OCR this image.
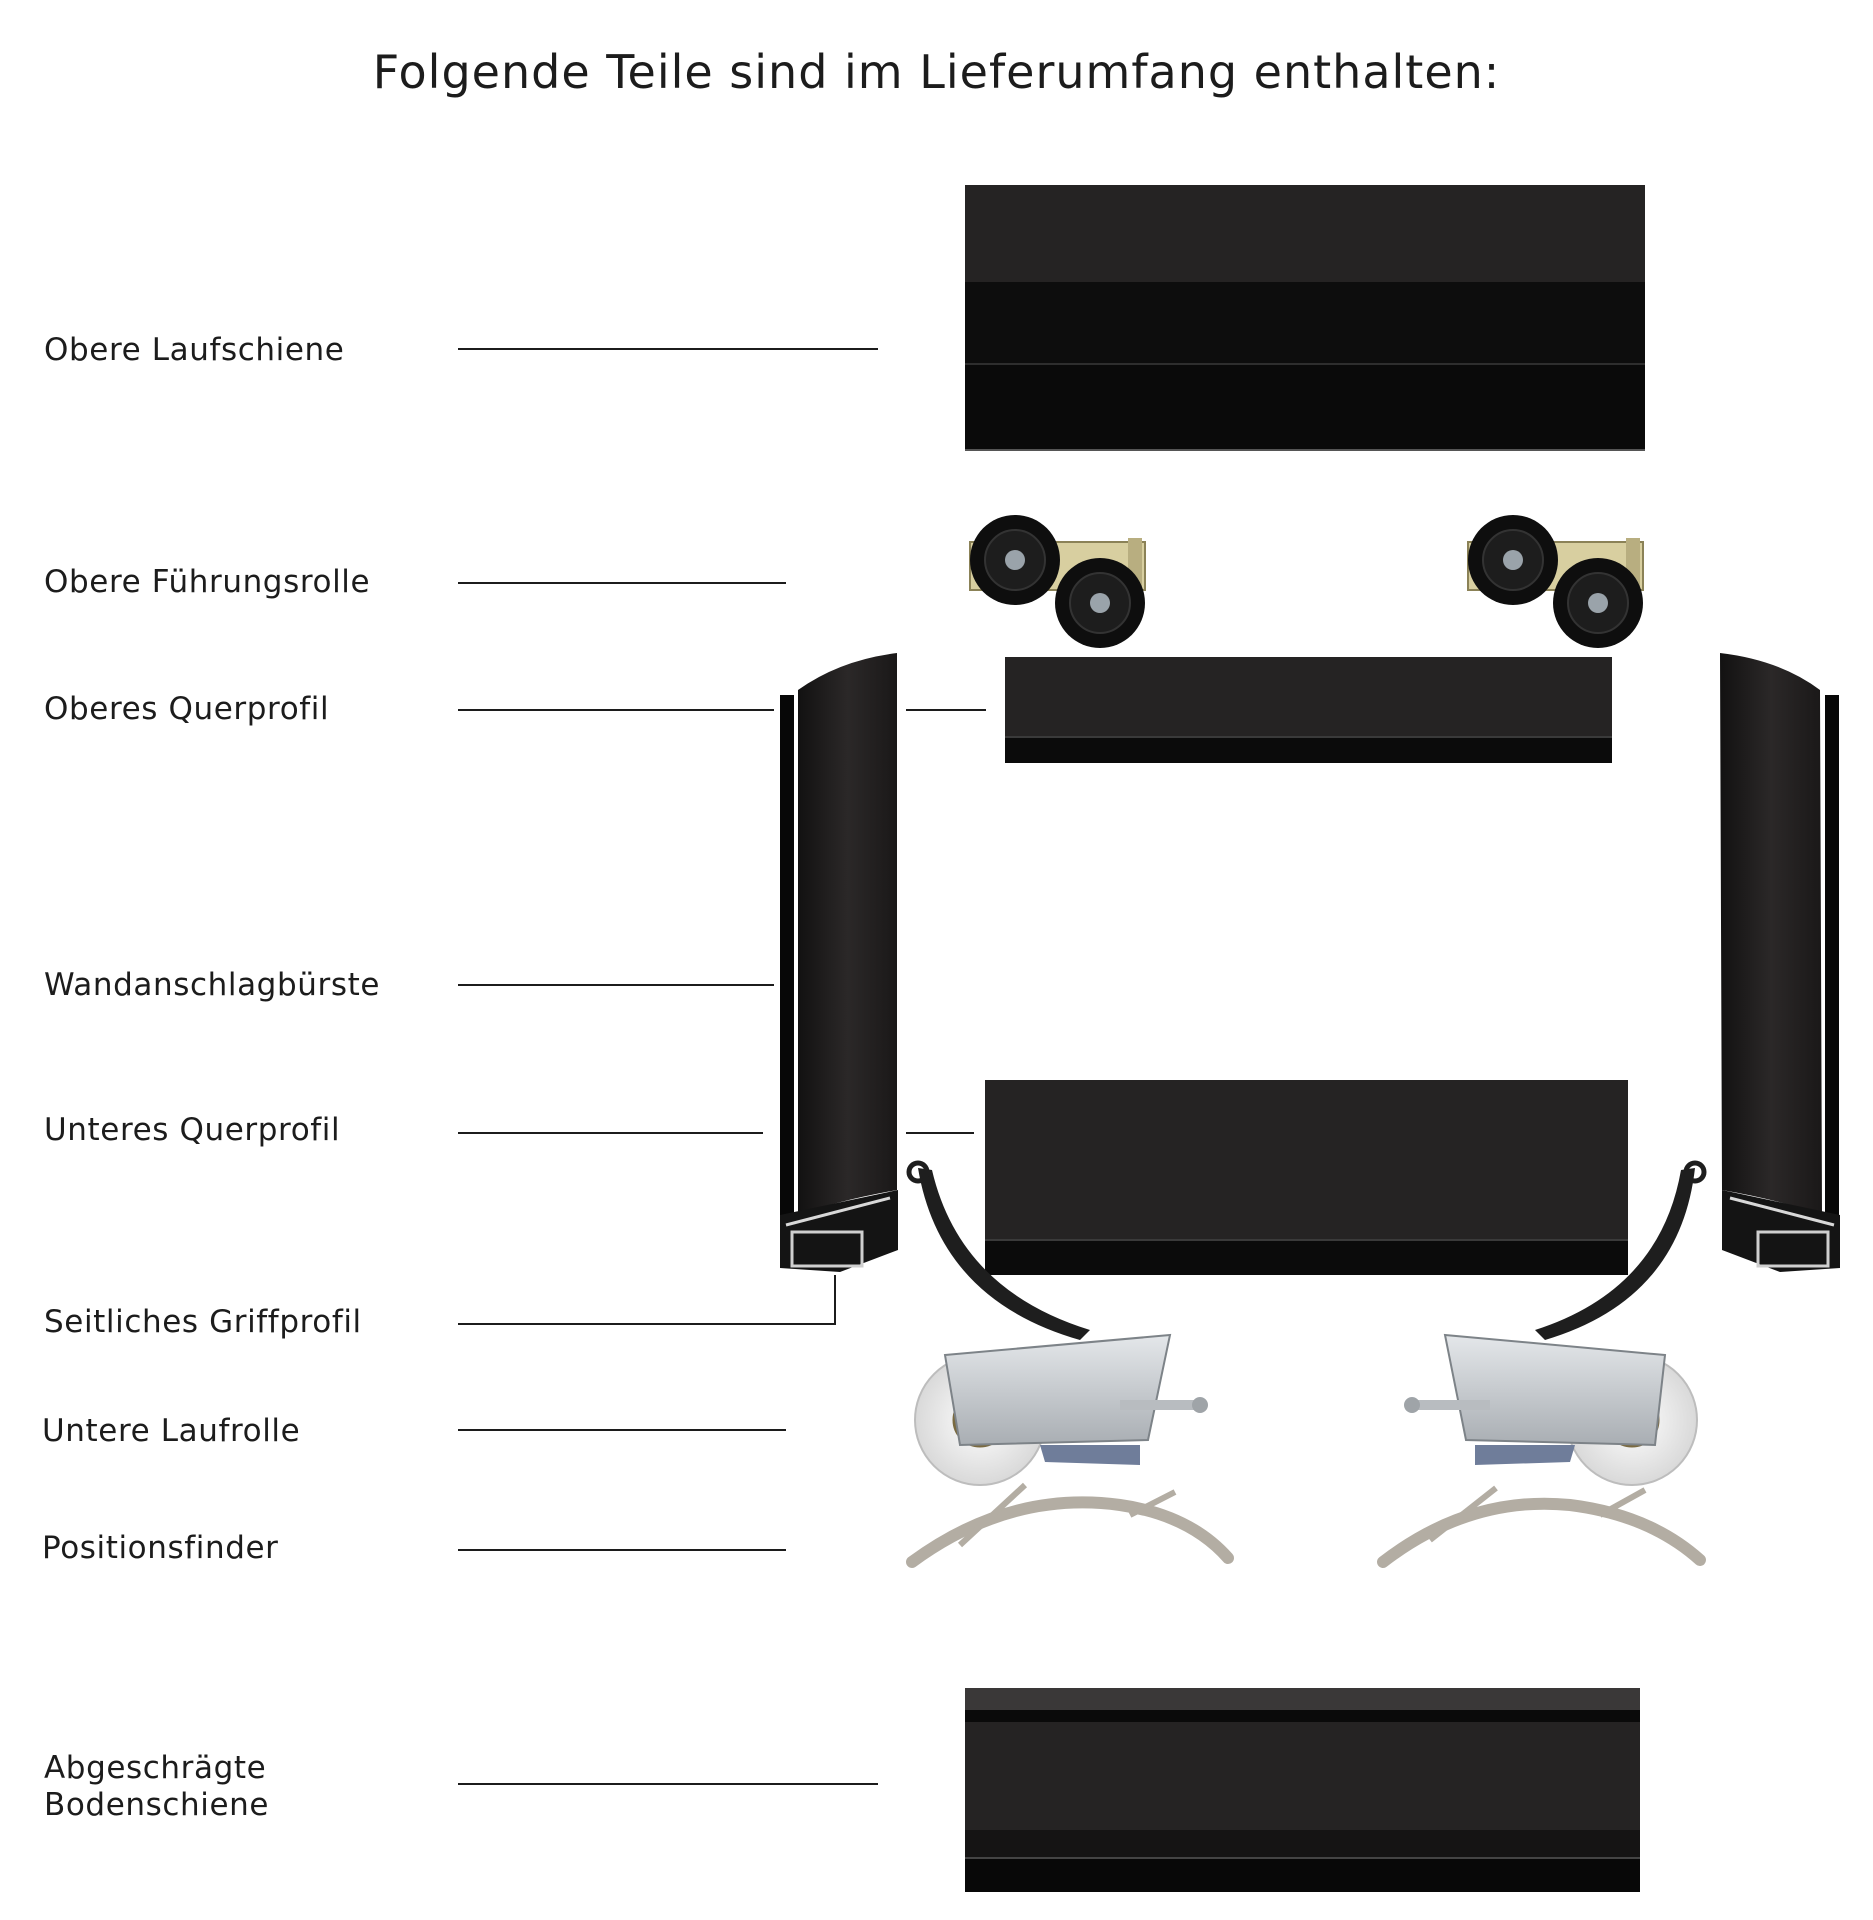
Folgende Teile sind im Lieferumfang enthalten:
Obere Laufschiene
Obere Führungsrolle
Oberes Querprofil
Wandanschlagbürste
Unteres Querprofil
Seitliches Griffprofil
Untere Laufrolle
Positionsfinder
Abgeschrägte
Bodenschiene
